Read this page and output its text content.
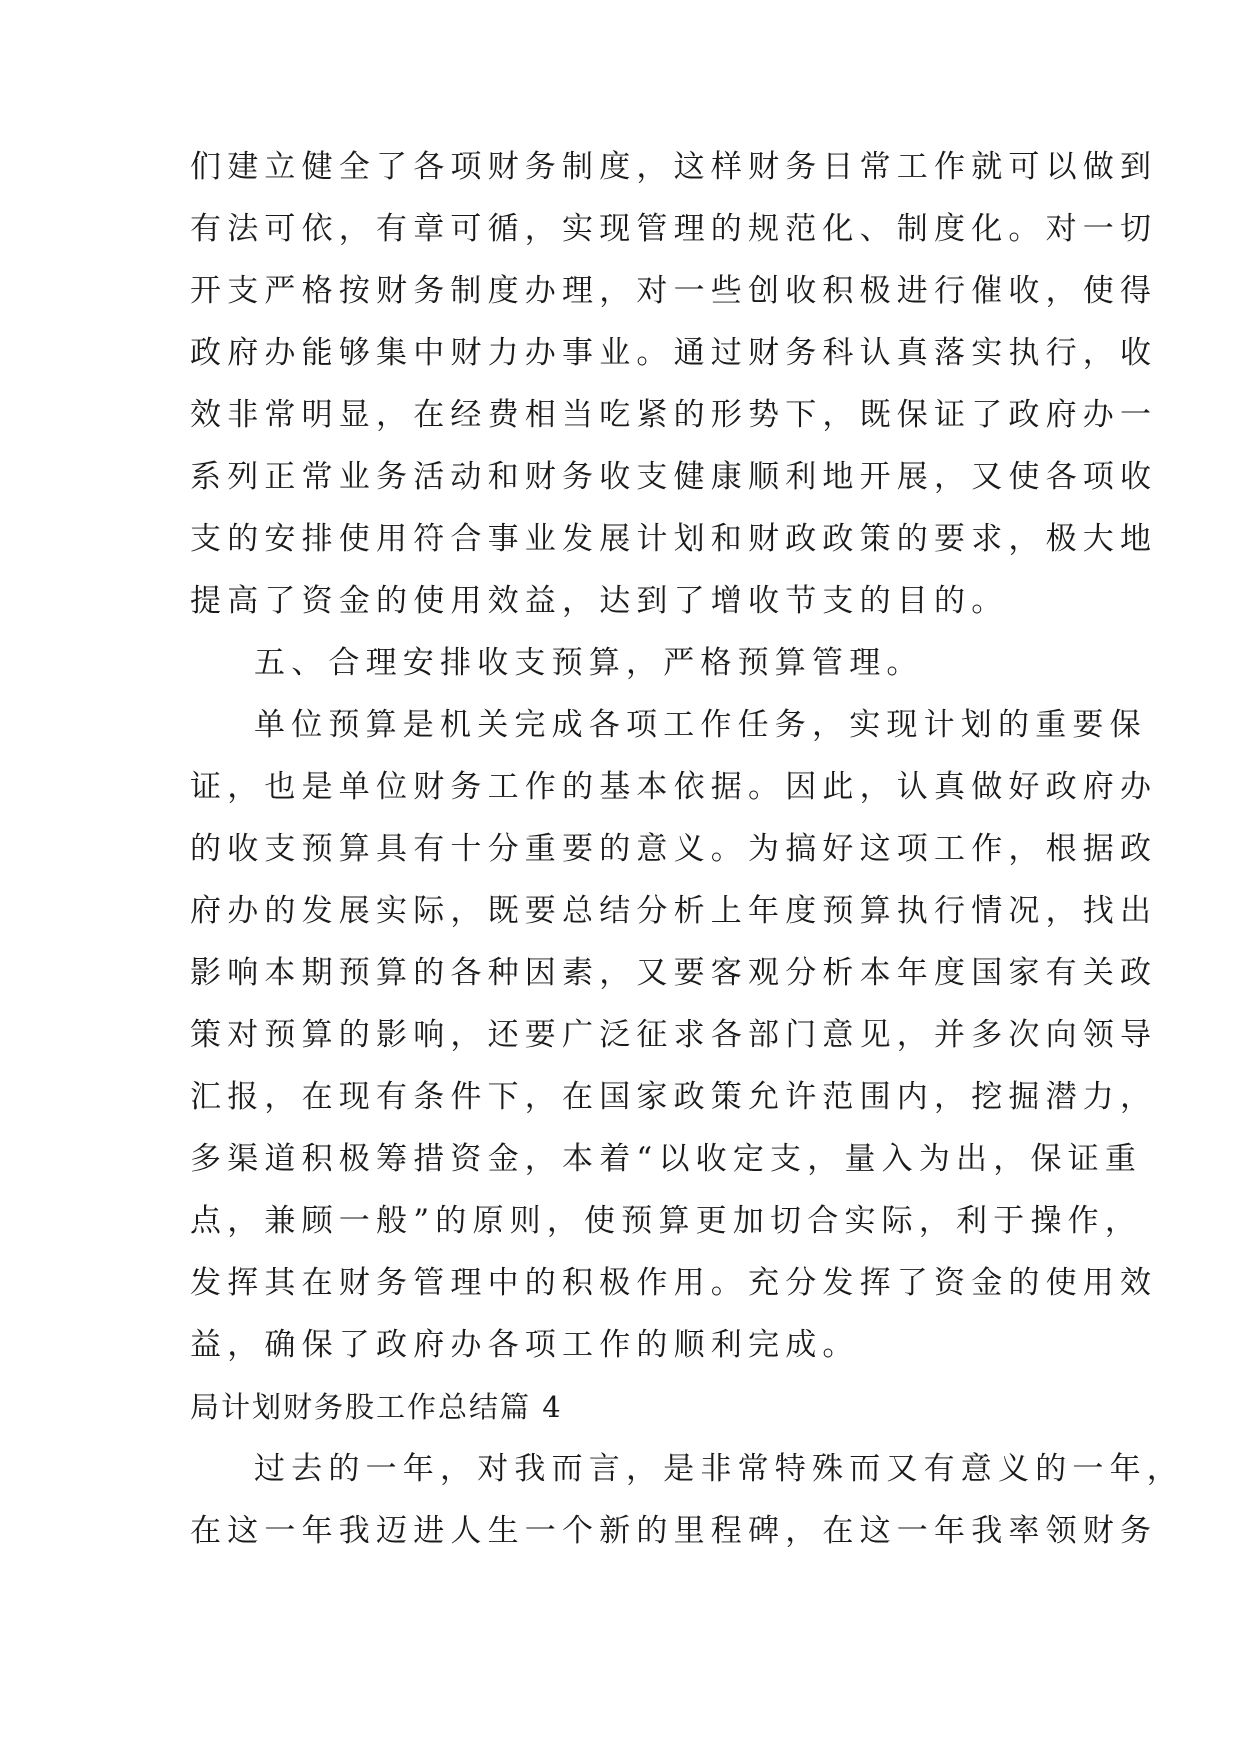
们建立健全了各项财务制度，这样财务日常工作就可以做到
有法可依，有章可循，实现管理的规范化、制度化。对一切
开支严格按财务制度办理，对一些创收积极进行催收，使得
政府办能够集中财力办事业。通过财务科认真落实执行，收
效非常明显，在经费相当吃紧的形势下，既保证了政府办一
系列正常业务活动和财务收支健康顺利地开展，又使各项收
支的安排使用符合事业发展计划和财政政策的要求，极大地
提高了资金的使用效益，达到了增收节支的目的。
五、合理安排收支预算，严格预算管理。
单位预算是机关完成各项工作任务，实现计划的重要保
证，也是单位财务工作的基本依据。因此，认真做好政府办
的收支预算具有十分重要的意义。为搞好这项工作，根据政
府办的发展实际，既要总结分析上年度预算执行情况，找出
影响本期预算的各种因素，又要客观分析本年度国家有关政
策对预算的影响，还要广泛征求各部门意见，并多次向领导
汇报，在现有条件下，在国家政策允许范围内，挖掘潜力，
多渠道积极筹措资金，本着“以收定支，量入为出，保证重
点，兼顾一般”的原则，使预算更加切合实际，利于操作，
发挥其在财务管理中的积极作用。充分发挥了资金的使用效
益，确保了政府办各项工作的顺利完成。
局计划财务股工作总结篇 4
过去的一年，对我而言，是非常特殊而又有意义的一年，
在这一年我迈进人生一个新的里程碑，在这一年我率领财务
